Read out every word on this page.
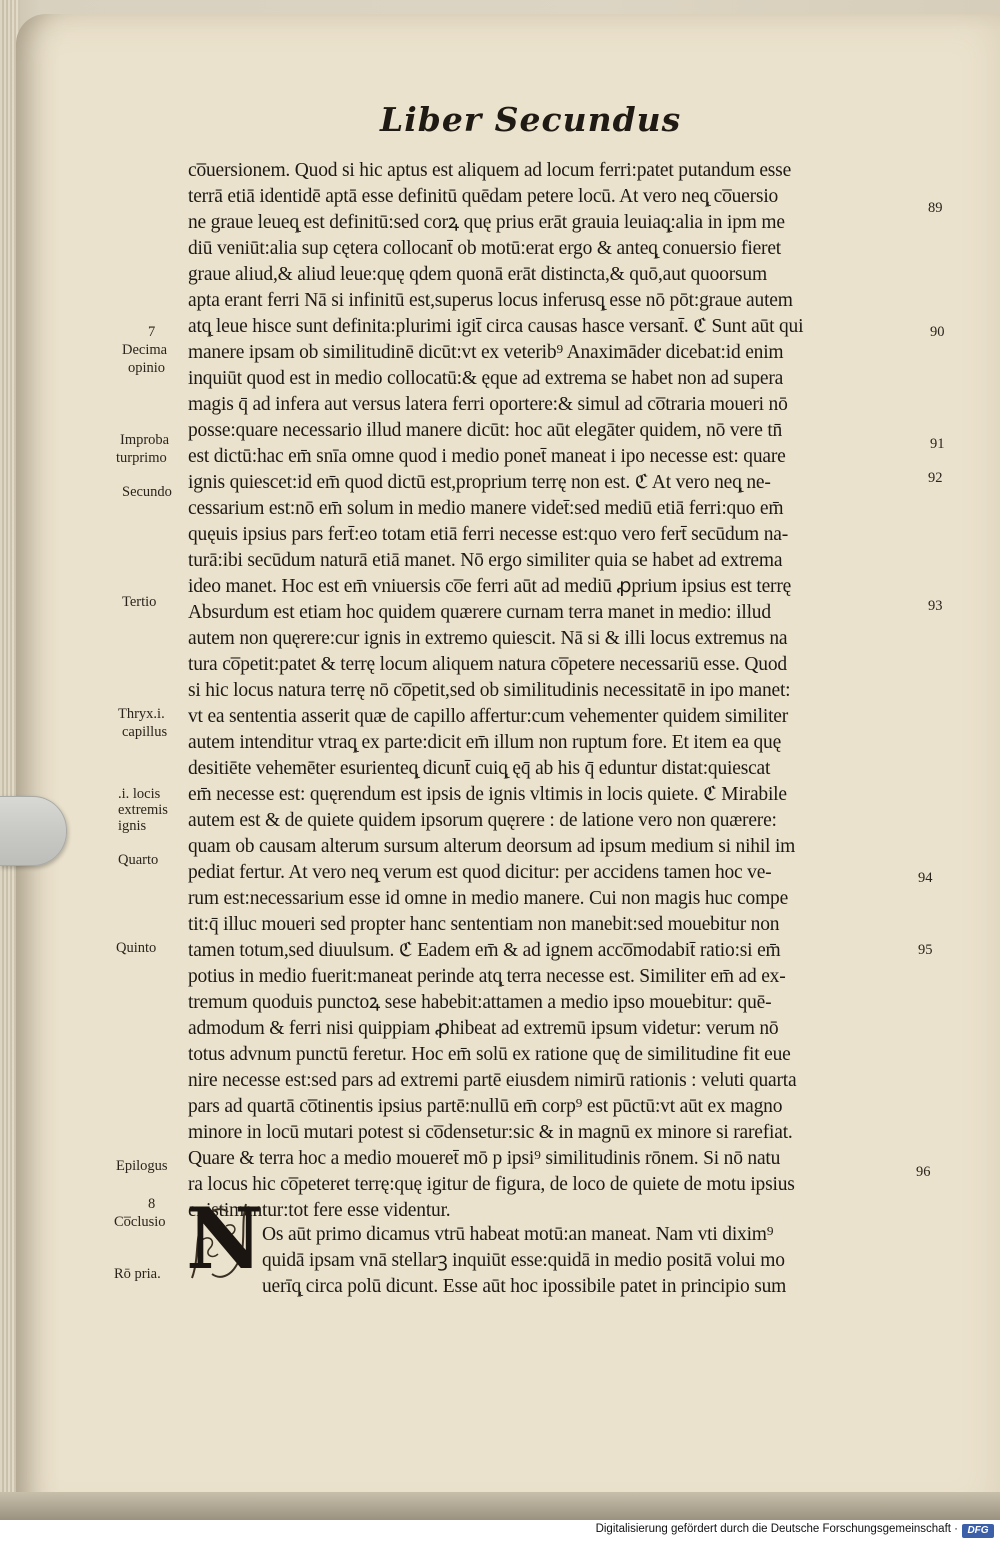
Liber Secundus
co̅uersionem. Quod si hic aptus est aliquem ad locum ferri:patet putandum esse
terrā etiā identidē aptā esse definitū quēdam petere locū. At vero neq̨ co̅uersio
ne graue leueq̨ est definitū:sed corꝝ quę prius erāt grauia leuiaq̨:alia in ipm me
diū veniūt:alia sup cętera collocant̄ ob motū:erat ergo & anteq̨ conuersio fieret
graue aliud,& aliud leue:quę qdem quonā erāt distincta,& quō,aut quoorsum
apta erant ferri Nā si infinitū est,superus locus inferusq̨ esse nō pōt:graue autem
atq̨ leue hisce sunt definita:plurimi igit̄ circa causas hasce versant̄. ℭ Sunt aūt qui
manere ipsam ob similitudinē dicūt:vt ex veterib⁹ Anaximāder dicebat:id enim
inquiūt quod est in medio collocatū:& ęque ad extrema se habet non ad supera
magis q̄ ad infera aut versus latera ferri oportere:& simul ad co̅traria moueri nō
posse:quare necessario illud manere dicūt: hoc aūt elegāter quidem, nō vere tn̄
est dictū:hac em̄ snīa omne quod i medio ponet̄ maneat i ipo necesse est: quare
ignis quiescet:id em̄ quod dictū est,proprium terrę non est. ℭ At vero neq̨ ne-
cessarium est:nō em̄ solum in medio manere videt̄:sed mediū etiā ferri:quo em̄
quęuis ipsius pars fert̄:eo totam etiā ferri necesse est:quo vero fert̄ secūdum na-
turā:ibi secūdum naturā etiā manet. Nō ergo similiter quia se habet ad extrema
ideo manet. Hoc est em̄ vniuersis co̅e ferri aūt ad mediū ꝓprium ipsius est terrę
Absurdum est etiam hoc quidem quærere curnam terra manet in medio: illud
autem non quęrere:cur ignis in extremo quiescit. Nā si & illi locus extremus na
tura co̅petit:patet & terrę locum aliquem natura co̅petere necessariū esse. Quod
si hic locus natura terrę nō co̅petit,sed ob similitudinis necessitatē in ipo manet:
vt ea sententia asserit quæ de capillo affertur:cum vehementer quidem similiter
autem intenditur vtraq̨ ex parte:dicit em̄ illum non ruptum fore. Et item ea quę
desitiēte vehemēter esurienteq̨ dicunt̄ cuiq̨ ęq̄ ab his q̄ eduntur distat:quiescat
em̄ necesse est: quęrendum est ipsis de ignis vltimis in locis quiete. ℭ Mirabile
autem est & de quiete quidem ipsorum quęrere : de latione vero non quærere:
quam ob causam alterum sursum alterum deorsum ad ipsum medium si nihil im
pediat fertur. At vero neq̨ verum est quod dicitur: per accidens tamen hoc ve-
rum est:necessarium esse id omne in medio manere. Cui non magis huc compe
tit:q̄ illuc moueri sed propter hanc sententiam non manebit:sed mouebitur non
tamen totum,sed diuulsum. ℭ Eadem em̄ & ad ignem acco̅modabit̄ ratio:si em̄
potius in medio fuerit:maneat perinde atq̨ terra necesse est. Similiter em̄ ad ex-
tremum quoduis punctoꝝ sese habebit:attamen a medio ipso mouebitur: quē-
admodum & ferri nisi quippiam ꝓhibeat ad extremū ipsum videtur: verum nō
totus advnum punctū feretur. Hoc em̄ solū ex ratione quę de similitudine fit eue
nire necesse est:sed pars ad extremi partē eiusdem nimirū rationis : veluti quarta
pars ad quartā co̅tinentis ipsius partē:nullū em̄ corp⁹ est pūctū:vt aūt ex magno
minore in locū mutari potest si co̅densetur:sic & in magnū ex minore si rarefiat.
Quare & terra hoc a medio moueret̄ mō p ipsi⁹ similitudinis rōnem. Si nō natu
ra locus hic co̅peteret terrę:quę igitur de figura, de loco de quiete de motu ipsius
existimantur:tot fere esse videntur.
N Os aūt primo dicamus vtrū habeat motū:an maneat. Nam vti dixim⁹
quidā ipsam vnā stellarꝫ inquiūt esse:quidā in medio positā volui mo
uerīq̨ circa polū dicunt. Esse aūt hoc ipossibile patet in principio sum
7
Decima
opinio
Improba
turprimo
Secundo
Tertio
Thryx.i.
capillus
.i. locis
extremis
ignis
Quarto
Quinto
Epilogus
8
Co̅clusio
Rō pria.
89
90
91
92
93
94
95
96
Digitalisierung gefördert durch die Deutsche Forschungsgemeinschaft · DFG
